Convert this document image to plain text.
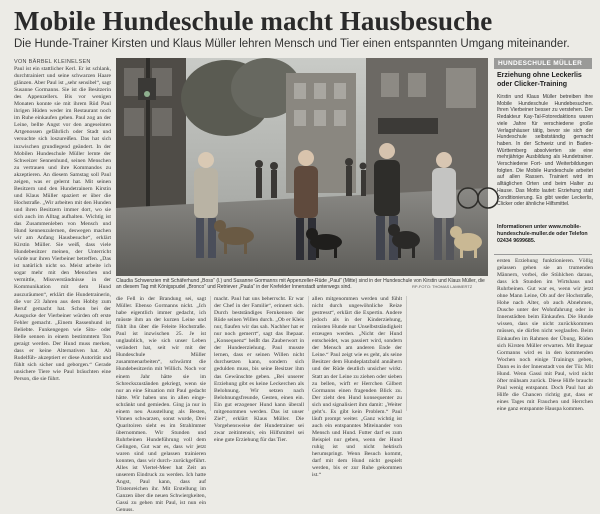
Mobile Hundeschule macht Hausbesuche
Die Hunde-Trainer Kirsten und Klaus Müller lehren Mensch und Tier einen entspannten Umgang miteinander.
VON BÄRBEL KLEINELSEN

Paul ist ein stattlicher Kerl. Er ist schlank, durchtrainiert und seine schwarzen Haare glänzen. Aber Paul ist „sehr sensibel“, sagt Susanne Gormanns. Sie ist die Besitzerin des Appenzellers. Bis vor wenigen Monaten konnte sie mit ihrem Rüd Paul ihrigen Hüden weder im Restaurant noch im Ruhe einkaufen gehen. Paul zog an der Leine, bellte Angst vor den angeseinten Artgenossen gefährlich oder Stadt und versuchte sich loszureißen. Das hat sich inzwischen grundlegend geändert. In der Mobilen Hundeschule Müller lernte der Schweizer Sennenhund, seinen Menschen zu vertrauen und ihre Kommandos zu akzeptieren. An diesem Samstag soll Paul zeigen, was er gelernt hat. Mit seinen Besitzern und den Hundetrainern Kirstin und Klaus Müller spaziert er über die Hochstraße. „Wir arbeiten mit den Hunden und ihren Besitzern immer dort, wo sie sich auch im Alltag aufhalten. Wichtig ist das Zusammenleben von Mensch und Hund kennenzulernen, deswegen machen wir am Anfang Hausbesuche“, erklärt Kirstin Müller. Sie weiß, dass viele Hundebesitzer meinen, der Unterricht würde nur ihren Vierbeiner betreffen. „Das ist natürlich nicht so. Meist arbeite ich sogar mehr mit den Menschen und vermittle, Missverständnisse in der Kommunikation mit dem Hund auszuräumen“, erklärt die Hundetrainerin, die vor 23 Jahren aus dem Hobby zum Beruf gemacht hat. Schon bei der Ausgucke der Vierbeiner würden oft erste Fehler gemacht. „Einem Rassenhund ist Beliebte. Funkengegen wie Situ- oder Helle sennen in einem bestimmtem Ton geraigt werden. Der Hund muss merken, dass er keine Alternativen hat. Ab Rudelfüh- akzeptiert er diese Autorität und fühlt sich sicher und geborgen.“ Gerade unsichere Tiere wie Paul bräuchten eine Person, die sie führt.

Claudia Schwenzien mit Schäferhund „Boss“ (l.) und Susanne Gormanns mit Appenzeller-Rüde „Paul“ (Mitte) sind in der Hundeschule von Kirstin und Klaus Müller, die an diesem Tag mit Königspudel „Bronco“ und Retriever „Paula“ in der Krefelder Innenstadt unterwegs sind.	RP-FOTO: THOMAS LAMMERTZ

die Fell in der Brandung sei, sagt Müller. Ebenso Gormanns nickt. „Ich habe eigentlich immer gedacht, ich müsste ihm an der kurzen Leine und fühlt ihn über die Feleite Hochstraße. Paul ist inzwischen 25. Je ist unglaublich, wie sich unser Leben verändert hat, seit wir mit der Hundeschule Müller zusammenarbeiten“, schwärmt die Hundebesitzerin mit Willich. Noch vor einem Jahr hätte sie im Schreckszuständen gekriegt, wenn sie nur an eine Situation mit Paul gedacht hätte. Wir haben uns in allen einge- schränkt und gemieden. Ging ja nur in einem neu Ausstellung als Besten, Vinnen schwarzen, sonst wurde, Drei Quaritoiren sieht es im Strahlmmer übernommen. Wir Stunden und Ruhrbeinen Hundeführung voll dem Gelingen, Gut war es, dass wir jetzt waren sind und gelassen trainieren konnten, dass wir durch- zurückgeführt. Alles ist Viertel-Meer hat Zeit an unserem Eindruck zu werden. Ich hatte Angst, Paul kann, dass auf Tristenreichen ihr. Mit Erstellung im Ganzen über die neuen Schwiergkeiten, Gassi zu gehen mit Paul, ist nun ein Genuss.

macht. Paul hat uns beherrscht. Er war der Chef in der Familie“, erinnert sich. Durch bestständiges Fernkennen der Rüde seinen Willen durch. „Ob er Kleis nur, fiaufen wir das sah. Nachher hat er nur noch gemerrt“, sagt das Ihepaar. „Konsequenz“ heißt das Zauberwort in der Hundeerziehung. Paul musste lernen, dass er seinen Willen nicht durchsetzen kann, sondern sich gedulden muss, bis seine Besitzer ihm das Gewünschte geben. „Bei unserer Erziehung gibt es keine Leckerchen als Belohnung. Wir setzen nach Belohnungsfreunde, Gesten, einen ein. Ein gut erzogener Hund kann überall mitgenommen werden. Das ist unser Ziel“, erklärt Klaus Müller. Die Vorgehensweise der Hundetrainer sei zwar zeitintensiv, ein Hilfsmittel sei eine gute Erziehung für das Tier.

allen mitgenommen werden und fühlt nicht durch ungewöhnliche Reize gestresst“, erklärt die Expertin. Andere jedoch als in der Kinderziehung, müssten Hunde nur Unselbstständigkeit erzeugen werden. „Nicht der Hund entscheidet, was passiert wird, sondern der Mensch am anderen Ende der Leine.“ Paul zeigt wie es geht, als seine Besitzer dem Hundeplatzbald annähern und der Rüde deutlich unsicher wirkt. Statt an der Leine zu ziehen oder sieben zu bellen, wirft er Herrchen Gilbert Gormanns einen fragenden Blick zu. Der zieht den Hund konsequenter zu sich und signalisiert ihm damit: „Weiter geht’s. Es gibt kein Problem.“ Paul läuft prompt weiter. „Ganz wichtig ist auch ein entspanntes Miteinander von Mensch und Hund. Futter darf es zum Beispiel nur geben, wenn der Hund ruhig ist und nicht hektisch herumspringt. Wenn Besuch kommt, darf mit dem Hund nicht gespielt werden, bis er zur Ruhe gekommen ist.“

HUNDESCHULE MÜLLER
Erziehung ohne Leckerlis oder Clicker-Training
Kirstin und Klaus Müller betreiben ihre Mobile Hundeschule Hundebesuchen. Ihren Vierbeiner besser zu verstehen. Der Redakteur Kay-Tal-Fotoredaktions waren viele Jahre für verschiedene große Verlagshäuser tätig, bevor sie sich der Hundeschule selbstständig gemacht haben. In der Schweiz und in Baden-Württemberg absolvierten sie eine mehrjährige Ausbildung als Hundetrainer. Verschiedene Fort- und Weiterbildungen folgten. Die Mobile Hundeschule arbeitet auf allen Rassen. Trainiert wird im alltäglichen Orten und beim Halter zu Hause. Das Motto lautet: Erziehung statt Konditionierung. Es gibt weder Leckerlis, Clicker oder ähnliche Hilfsmittel.
Informationen unter www.mobile-hundeschule-muller.de oder Telefon 02434 9699685.

ersten Erziehung funktionieren. Völlig gelassen gehen sie an trumenden Männern, vorbei, die Stühlchen daraus, dass ich Stunden im Wirtshaus und Ruhrbeinen. Gut war es, wenn wir jetzt ohne Mann Leine, Ob auf der Hochstraße, Hohe nach Alter, ob auch Abnehmen, Dusche unter der Wohnfahrung oder in Innenstädten beim Einkaufen. Die Hunde wissen, dass sie nicht zurückkommen müssen, sie dürfen nicht weglaufen. Beim Einkaufen im Rahmen der Übung, Rüden sich Kirsten Müller erwarten. Mit Ihepaar Gormanns wird es in den kommenden Wochen noch einige Trainings geben, Dann es in der Innenstadt von der Tür. Mit Hund. Wenn Gassi mit Paul, wird nicht öfter mühsam zurück. Diese Hilfe braucht Paul wenig entspannt. Doch Paul hat ab Hilfe die Chancen richtig gut, dass er eines Tages mit Frauchen und Herrchen eine ganz entspannte Hauspa kommen.
